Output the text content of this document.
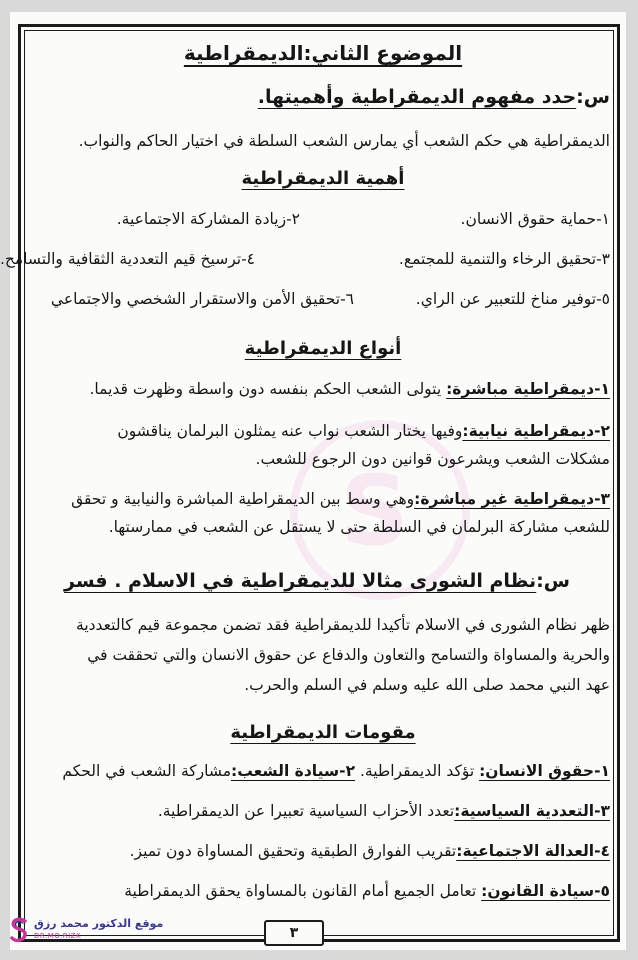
S
الموضوع الثاني:الديمقراطية
س:حدد مفهوم الديمقراطية وأهميتها.
الديمقراطية هي حكم الشعب أي يمارس الشعب السلطة في اختيار الحاكم والنواب.
أهمية الديمقراطية
١-حماية حقوق الانسان.
٢-زيادة المشاركة الاجتماعية.
٣-تحقيق الرخاء والتنمية للمجتمع.
٤-ترسيخ قيم التعددية الثقافية والتسامح.
٥-توفير مناخ للتعبير عن الراي.
٦-تحقيق الأمن والاستقرار الشخصي والاجتماعي
أنواع الديمقراطية
١-ديمقراطية مباشرة: يتولى الشعب الحكم بنفسه دون واسطة وظهرت قديما.
٢-ديمقراطية نيابية:وفيها يختار الشعب نواب عنه يمثلون البرلمان يناقشون
مشكلات الشعب ويشرعون قوانين دون الرجوع للشعب.
٣-ديمقراطية غير مباشرة:وهي وسط بين الديمقراطية المباشرة والنيابية و تحقق
للشعب مشاركة البرلمان في السلطة حتى لا يستقل عن الشعب في ممارستها.
س:نظام الشورى مثالا للديمقراطية في الاسلام . فسر
ظهر نظام الشورى في الاسلام تأكيدا للديمقراطية فقد تضمن مجموعة قيم كالتعددية
والحرية والمساواة والتسامح والتعاون والدفاع عن حقوق الانسان والتي تحققت في
عهد النبي محمد صلى الله عليه وسلم في السلم والحرب.
مقومات الديمقراطية
١-حقوق الانسان: تؤكد الديمقراطية. ٢-سيادة الشعب:مشاركة الشعب في الحكم
٣-التعددية السياسية:تعدد الأحزاب السياسية تعبيرا عن الديمقراطية.
٤-العدالة الاجتماعية:تقريب الفوارق الطبقية وتحقيق المساواة دون تميز.
٥-سيادة القانون: تعامل الجميع أمام القانون بالمساواة يحقق الديمقراطية
٣
موقع الدكتور محمد رزق
DR.MO.RIZK
